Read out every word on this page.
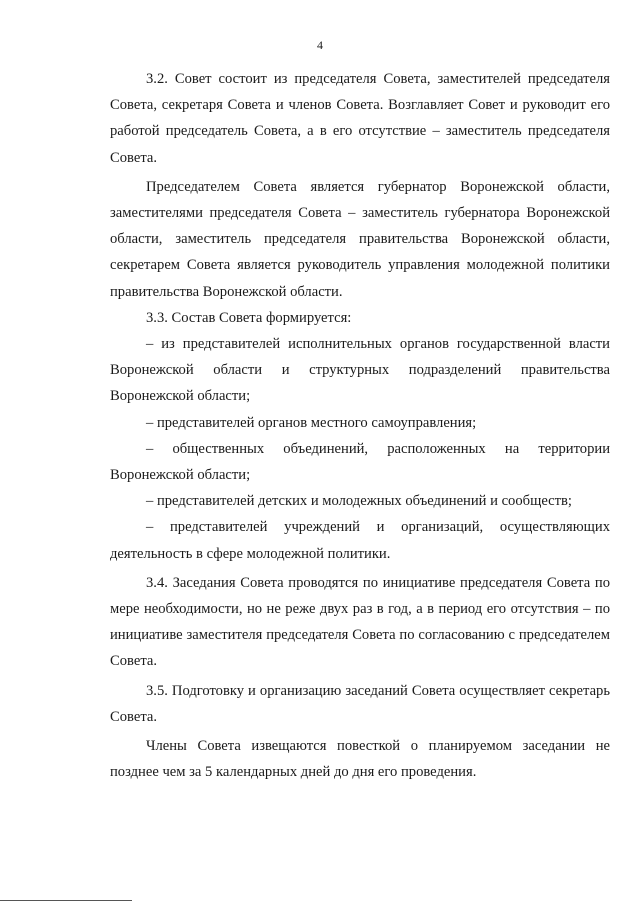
4

3.2. Совет состоит из председателя Совета, заместителей председателя Совета, секретаря Совета и членов Совета. Возглавляет Совет и руководит его работой председатель Совета, а в его отсутствие – заместитель председателя Совета.

Председателем Совета является губернатор Воронежской области, заместителями председателя Совета – заместитель губернатора Воронежской области, заместитель председателя правительства Воронежской области, секретарем Совета является руководитель управления молодежной политики правительства Воронежской области.

3.3. Состав Совета формируется:

– из представителей исполнительных органов государственной власти Воронежской области и структурных подразделений правительства Воронежской области;

– представителей органов местного самоуправления;

– общественных объединений, расположенных на территории Воронежской области;

– представителей детских и молодежных объединений и сообществ;

– представителей учреждений и организаций, осуществляющих деятельность в сфере молодежной политики.

3.4. Заседания Совета проводятся по инициативе председателя Совета по мере необходимости, но не реже двух раз в год, а в период его отсутствия – по инициативе заместителя председателя Совета по согласованию с председателем Совета.

3.5. Подготовку и организацию заседаний Совета осуществляет секретарь Совета.

Члены Совета извещаются повесткой о планируемом заседании не позднее чем за 5 календарных дней до дня его проведения.
